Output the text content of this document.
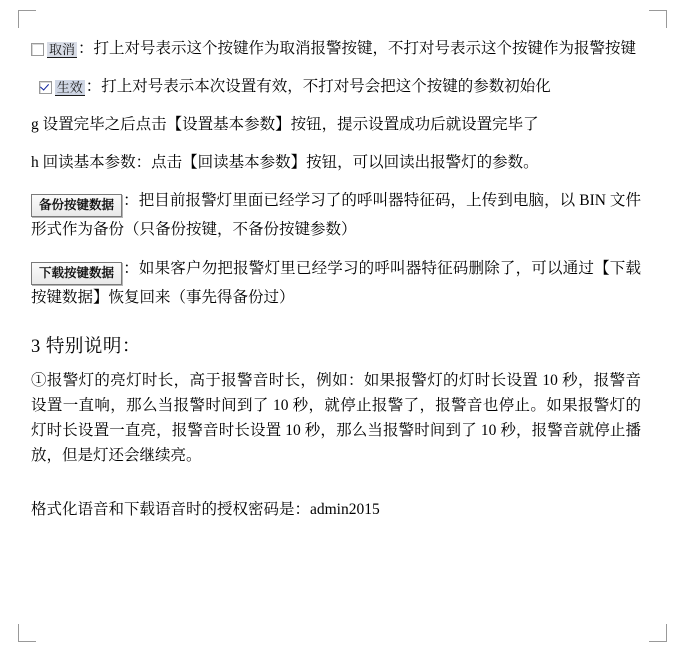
取消 ：打上对号表示这个按键作为取消报警按键，不打对号表示这个按键作为报警按键

生效 ：打上对号表示本次设置有效，不打对号会把这个按键的参数初始化

g 设置完毕之后点击【设置基本参数】按钮，提示设置成功后就设置完毕了

h 回读基本参数：点击【回读基本参数】按钮，可以回读出报警灯的参数。

备份按键数据 ：把目前报警灯里面已经学习了的呼叫器特征码，上传到电脑，以 BIN 文件形式作为备份（只备份按键，不备份按键参数）

下载按键数据 ：如果客户勿把报警灯里已经学习的呼叫器特征码删除了，可以通过【下载按键数据】恢复回来（事先得备份过）

3 特别说明：

①报警灯的亮灯时长，高于报警音时长，例如：如果报警灯的灯时长设置 10 秒，报警音设置一直响，那么当报警时间到了 10 秒，就停止报警了，报警音也停止。如果报警灯的灯时长设置一直亮，报警音时长设置 10 秒，那么当报警时间到了 10 秒，报警音就停止播放，但是灯还会继续亮。

格式化语音和下载语音时的授权密码是：admin2015
